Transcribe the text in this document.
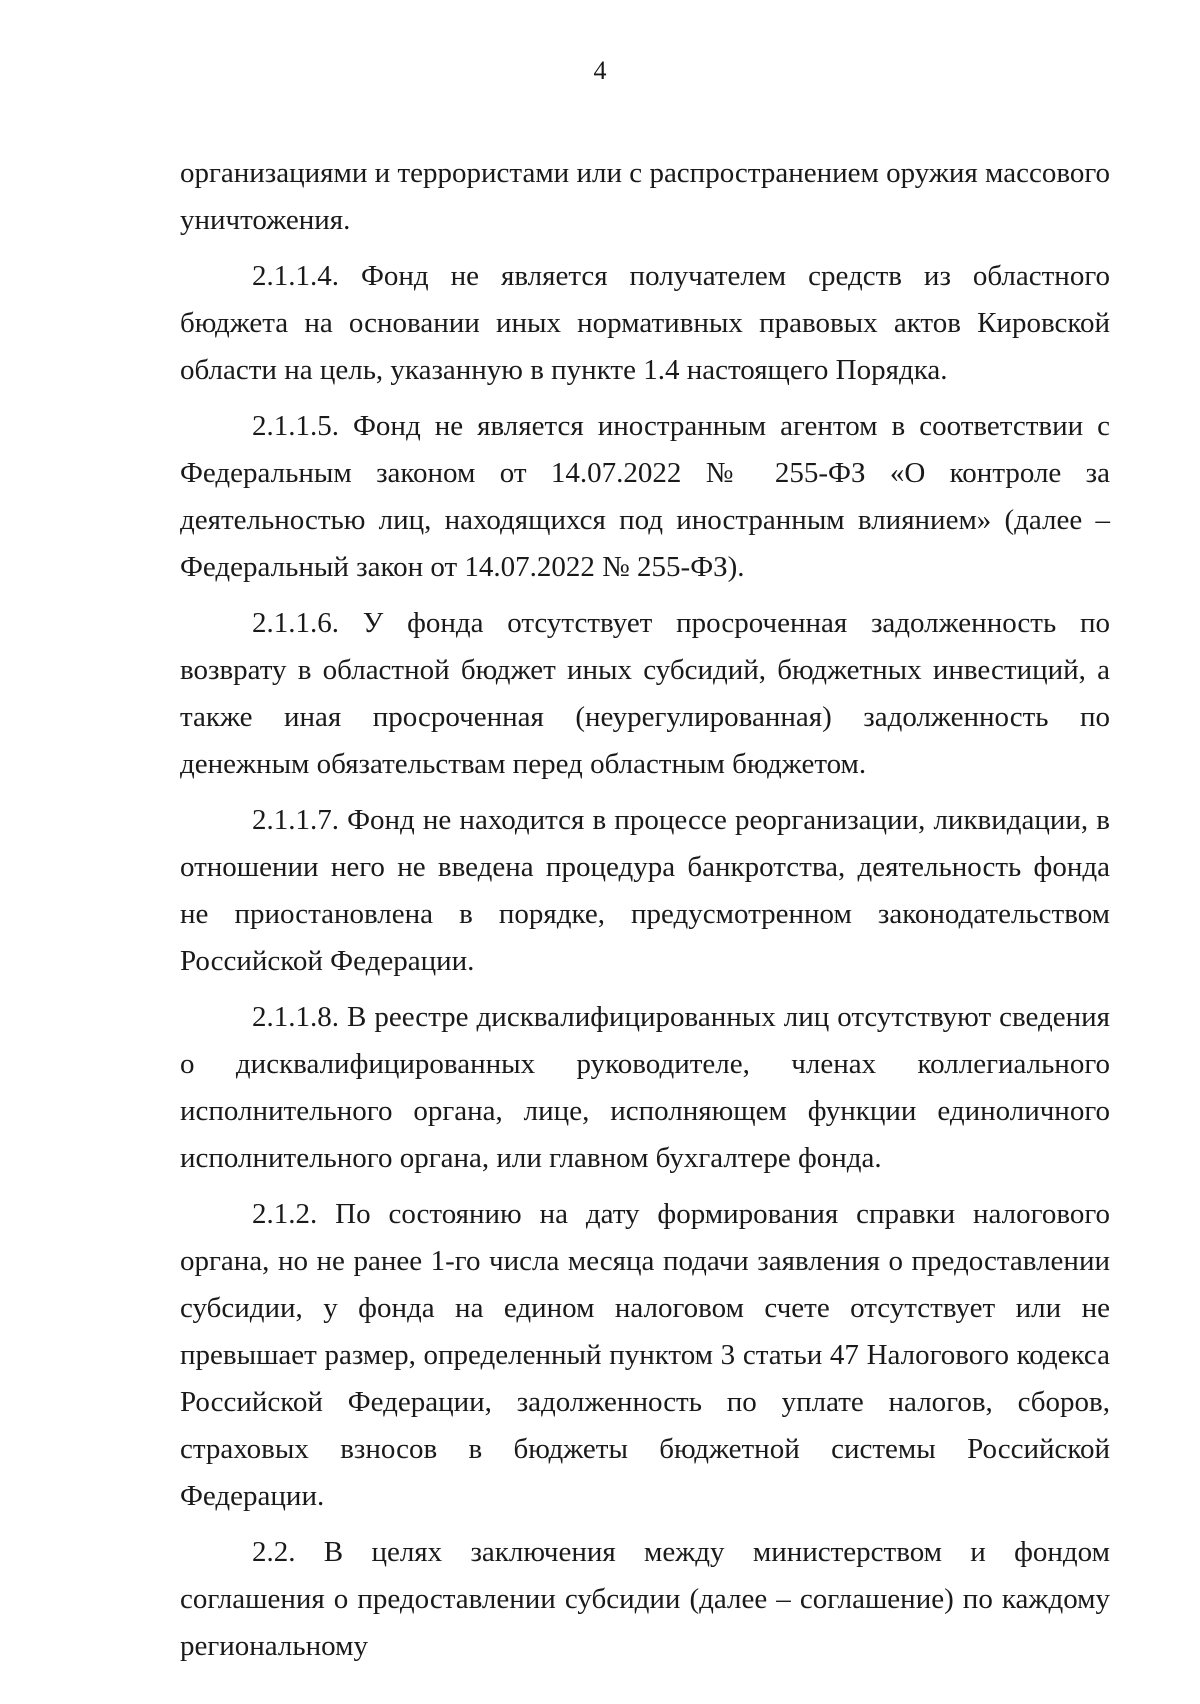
4

организациями и террористами или с распространением оружия массового уничтожения.

2.1.1.4. Фонд не является получателем средств из областного бюджета на основании иных нормативных правовых актов Кировской области на цель, указанную в пункте 1.4 настоящего Порядка.

2.1.1.5. Фонд не является иностранным агентом в соответствии с Федеральным законом от 14.07.2022 № 255-ФЗ «О контроле за деятельностью лиц, находящихся под иностранным влиянием» (далее – Федеральный закон от 14.07.2022 № 255-ФЗ).

2.1.1.6. У фонда отсутствует просроченная задолженность по возврату в областной бюджет иных субсидий, бюджетных инвестиций, а также иная просроченная (неурегулированная) задолженность по денежным обязательствам перед областным бюджетом.

2.1.1.7. Фонд не находится в процессе реорганизации, ликвидации, в отношении него не введена процедура банкротства, деятельность фонда не приостановлена в порядке, предусмотренном законодательством Российской Федерации.

2.1.1.8. В реестре дисквалифицированных лиц отсутствуют сведения о дисквалифицированных руководителе, членах коллегиального исполнительного органа, лице, исполняющем функции единоличного исполнительного органа, или главном бухгалтере фонда.

2.1.2. По состоянию на дату формирования справки налогового органа, но не ранее 1-го числа месяца подачи заявления о предоставлении субсидии, у фонда на едином налоговом счете отсутствует или не превышает размер, определенный пунктом 3 статьи 47 Налогового кодекса Российской Федерации, задолженность по уплате налогов, сборов, страховых взносов в бюджеты бюджетной системы Российской Федерации.

2.2. В целях заключения между министерством и фондом соглашения о предоставлении субсидии (далее – соглашение) по каждому региональному
